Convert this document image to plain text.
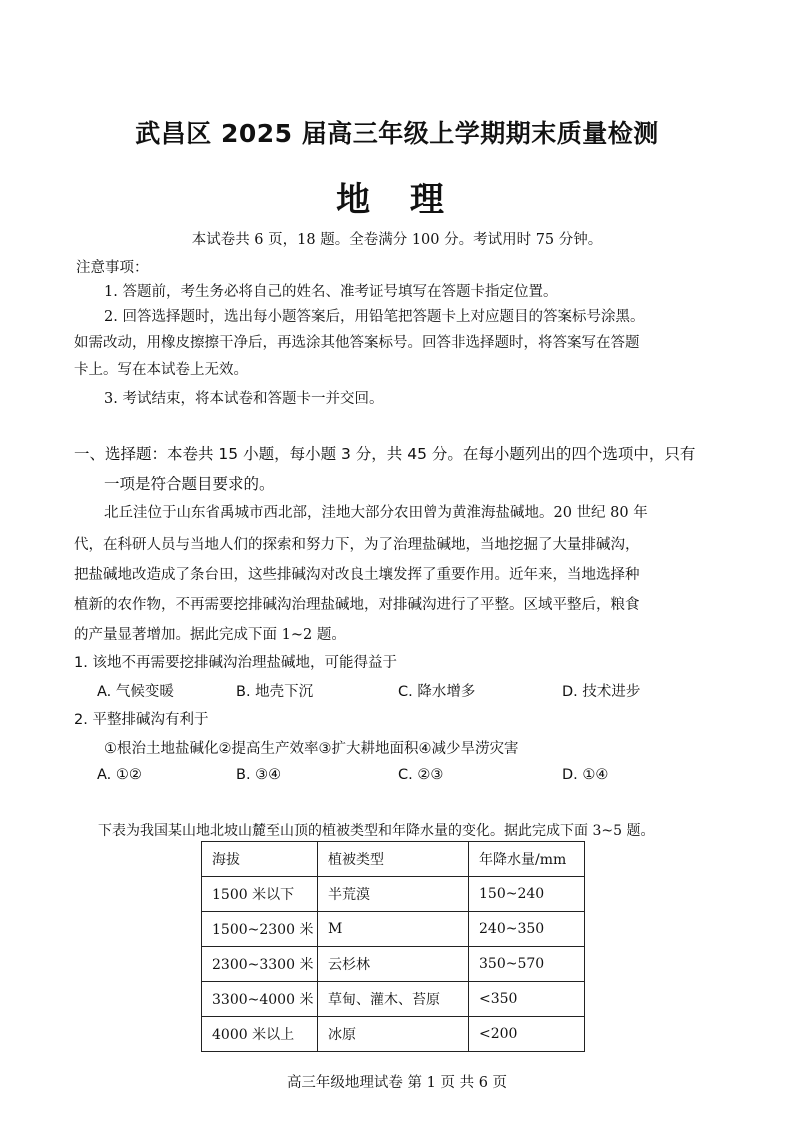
武昌区 2025 届高三年级上学期期末质量检测
地 理
本试卷共 6 页，18 题。全卷满分 100 分。考试用时 75 分钟。
注意事项：
1. 答题前，考生务必将自己的姓名、准考证号填写在答题卡指定位置。
2. 回答选择题时，选出每小题答案后，用铅笔把答题卡上对应题目的答案标号涂黑。
如需改动，用橡皮擦擦干净后，再选涂其他答案标号。回答非选择题时，将答案写在答题
卡上。写在本试卷上无效。
3. 考试结束，将本试卷和答题卡一并交回。
一、选择题：本卷共 15 小题，每小题 3 分，共 45 分。在每小题列出的四个选项中，只有
一项是符合题目要求的。
北丘洼位于山东省禹城市西北部，洼地大部分农田曾为黄淮海盐碱地。20 世纪 80 年
代，在科研人员与当地人们的探索和努力下，为了治理盐碱地，当地挖掘了大量排碱沟，
把盐碱地改造成了条台田，这些排碱沟对改良土壤发挥了重要作用。近年来，当地选择种
植新的农作物，不再需要挖排碱沟治理盐碱地，对排碱沟进行了平整。区域平整后，粮食
的产量显著增加。据此完成下面 1~2 题。
1. 该地不再需要挖排碱沟治理盐碱地，可能得益于
A. 气候变暖	B. 地壳下沉	C. 降水增多	D. 技术进步
2. 平整排碱沟有利于
①根治土地盐碱化②提高生产效率③扩大耕地面积④减少旱涝灾害
A. ①②	B. ③④	C. ②③	D. ①④
下表为我国某山地北坡山麓至山顶的植被类型和年降水量的变化。据此完成下面 3~5 题。
海拔	植被类型	年降水量/mm
1500 米以下	半荒漠	150~240
1500~2300 米	M	240~350
2300~3300 米	云杉林	350~570
3300~4000 米	草甸、灌木、苔原	<350
4000 米以上	冰原	<200
高三年级地理试卷 第 1 页 共 6 页
